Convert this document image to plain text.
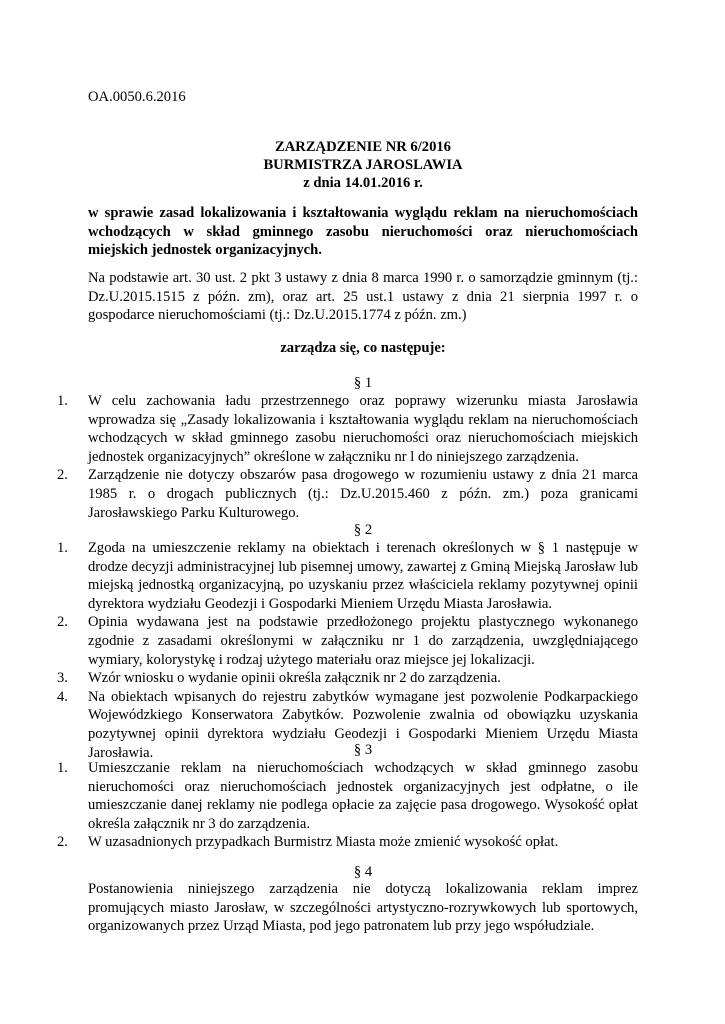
OA.0050.6.2016
ZARZĄDZENIE NR 6/2016
BURMISTRZA JAROSLAWIA
z dnia 14.01.2016 r.
w sprawie zasad lokalizowania i kształtowania wyglądu reklam na nieruchomościach wchodzących w skład gminnego zasobu nieruchomości oraz nieruchomościach miejskich jednostek organizacyjnych.
Na podstawie art. 30 ust. 2 pkt 3 ustawy z dnia 8 marca 1990 r. o samorządzie gminnym (tj.: Dz.U.2015.1515 z późn. zm), oraz art. 25 ust.1 ustawy z dnia 21 sierpnia 1997 r. o gospodarce nieruchomościami (tj.: Dz.U.2015.1774 z późn. zm.)
zarządza się, co następuje:
§ 1
1. W celu zachowania ładu przestrzennego oraz poprawy wizerunku miasta Jarosławia wprowadza się „Zasady lokalizowania i kształtowania wyglądu reklam na nieruchomościach wchodzących w skład gminnego zasobu nieruchomości oraz nieruchomościach miejskich jednostek organizacyjnych” określone w załączniku nr l do niniejszego zarządzenia.
2. Zarządzenie nie dotyczy obszarów pasa drogowego w rozumieniu ustawy z dnia 21 marca 1985 r. o drogach publicznych (tj.: Dz.U.2015.460 z późn. zm.) poza granicami Jarosławskiego Parku Kulturowego.
§ 2
1. Zgoda na umieszczenie reklamy na obiektach i terenach określonych w § 1 następuje w drodze decyzji administracyjnej lub pisemnej umowy, zawartej z Gminą Miejską Jarosław lub miejską jednostką organizacyjną, po uzyskaniu przez właściciela reklamy pozytywnej opinii dyrektora wydziału Geodezji i Gospodarki Mieniem Urzędu Miasta Jarosławia.
2. Opinia wydawana jest na podstawie przedłożonego projektu plastycznego wykonanego zgodnie z zasadami określonymi w załączniku nr 1 do zarządzenia, uwzględniającego wymiary, kolorystykę i rodzaj użytego materiału oraz miejsce jej lokalizacji.
3. Wzór wniosku o wydanie opinii określa załącznik nr 2 do zarządzenia.
4. Na obiektach wpisanych do rejestru zabytków wymagane jest pozwolenie Podkarpackiego Wojewódzkiego Konserwatora Zabytków. Pozwolenie zwalnia od obowiązku uzyskania pozytywnej opinii dyrektora wydziału Geodezji i Gospodarki Mieniem Urzędu Miasta Jarosławia.	§ 3
1. Umieszczanie reklam na nieruchomościach wchodzących w skład gminnego zasobu nieruchomości oraz nieruchomościach jednostek organizacyjnych jest odpłatne, o ile umieszczanie danej reklamy nie podlega opłacie za zajęcie pasa drogowego. Wysokość opłat określa załącznik nr 3 do zarządzenia.
2. W uzasadnionych przypadkach Burmistrz Miasta może zmienić wysokość opłat.
§ 4
Postanowienia niniejszego zarządzenia nie dotyczą lokalizowania reklam imprez promujących miasto Jarosław, w szczególności artystyczno-rozrywkowych lub sportowych, organizowanych przez Urząd Miasta, pod jego patronatem lub przy jego współudziale.
